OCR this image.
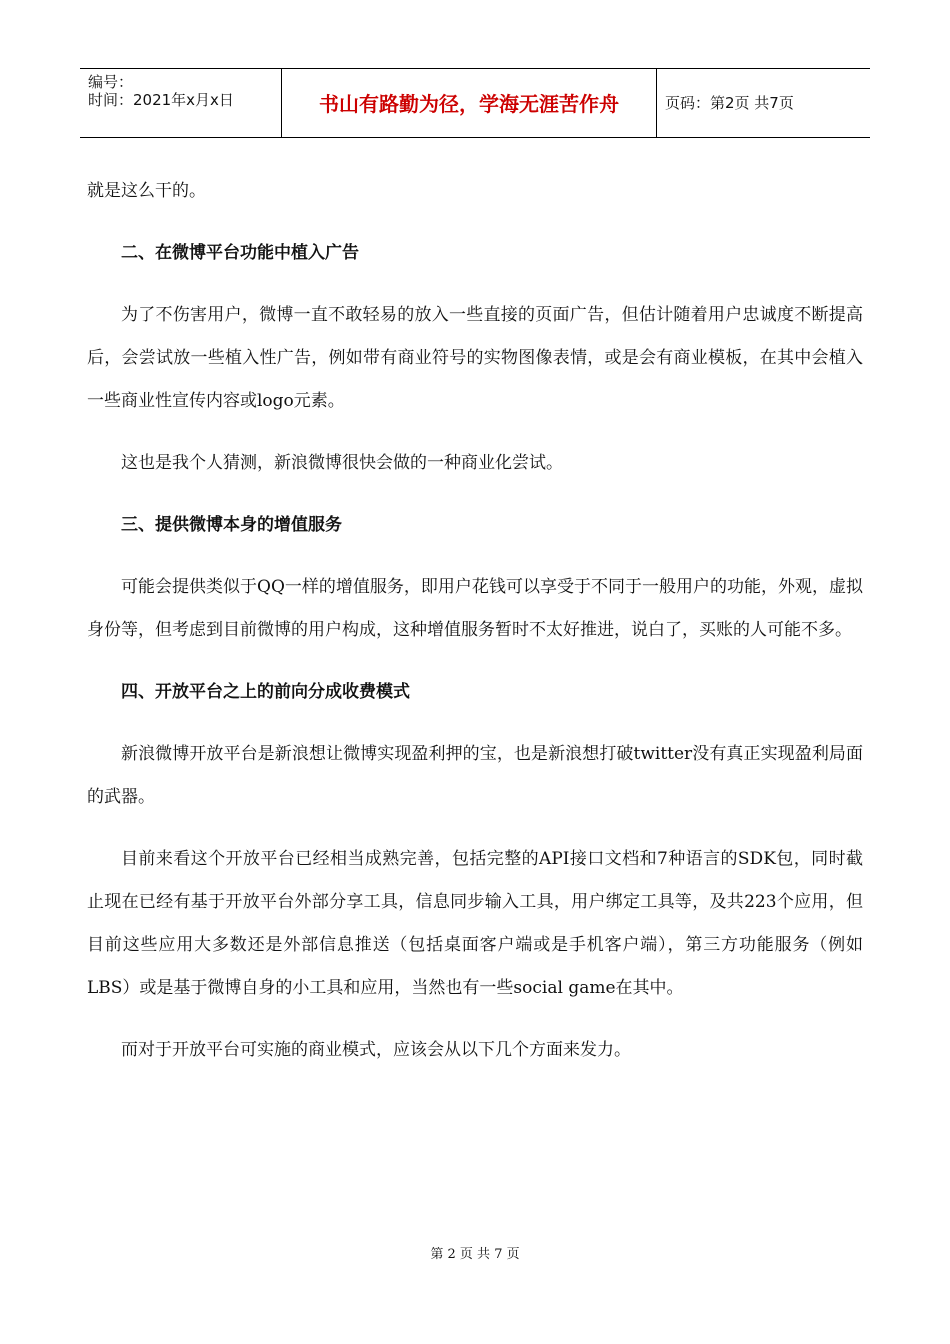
编号：
时间：2021年x月x日	书山有路勤为径，学海无涯苦作舟	页码：第2页 共7页

就是这么干的。

二、在微博平台功能中植入广告

为了不伤害用户，微博一直不敢轻易的放入一些直接的页面广告，但估计随着用户忠诚度不断提高后，会尝试放一些植入性广告，例如带有商业符号的实物图像表情，或是会有商业模板，在其中会植入一些商业性宣传内容或logo元素。

这也是我个人猜测，新浪微博很快会做的一种商业化尝试。

三、提供微博本身的增值服务

可能会提供类似于QQ一样的增值服务，即用户花钱可以享受于不同于一般用户的功能，外观，虚拟身份等，但考虑到目前微博的用户构成，这种增值服务暂时不太好推进，说白了，买账的人可能不多。

四、开放平台之上的前向分成收费模式

新浪微博开放平台是新浪想让微博实现盈利押的宝，也是新浪想打破twitter没有真正实现盈利局面的武器。

目前来看这个开放平台已经相当成熟完善，包括完整的API接口文档和7种语言的SDK包，同时截止现在已经有基于开放平台外部分享工具，信息同步输入工具，用户绑定工具等，及共223个应用，但目前这些应用大多数还是外部信息推送（包括桌面客户端或是手机客户端），第三方功能服务（例如LBS）或是基于微博自身的小工具和应用，当然也有一些social game在其中。

而对于开放平台可实施的商业模式，应该会从以下几个方面来发力。

第 2 页 共 7 页
